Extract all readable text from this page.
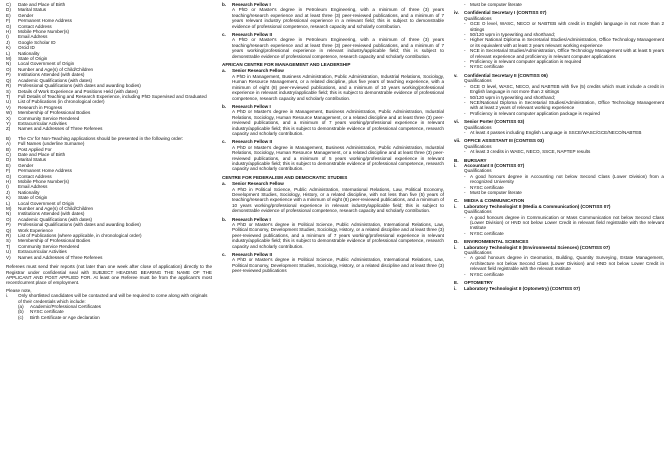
C)	Date and Place of Birth
D)	Marital Status
E)	Gender
F)	Permanent Home Address
G)	Contact Address
H)	Mobile Phone Number(s)
I)	Email Address
J)	Google Scholar ID
K)	Orcid ID
L)	Nationality
M)	State of Origin
N)	Local Government of Origin
O)	Number and Age(s) of Child/Children
P)	Institutions Attended (with dates)
Q)	Academic Qualifications (with dates)
R)	Professional Qualifications (with dates and awarding bodies)
S)	Details of Work Experience and Positions Held (with dates)
T)	Full Details of Teaching and Research Experience, including PhD Supervised and Graduated
U)	List of Publications (in chronological order)
V)	Research in Progress
W)	Membership of Professional Bodies
X)	Community Service Rendered
Y)	Extracurricular Activities
Z)	Names and Addresses of Three Referees
B)	The CV for Non-Teaching applications should be presented in the following order:
A)	Full Names (underline Surname)
B)	Post Applied For
C)	Date and Place of Birth
D)	Marital Status
E)	Gender
F)	Permanent Home Address
G)	Contact Address
H)	Mobile Phone Number(s)
I)	Email Address
J)	Nationality
K)	State of Origin
L)	Local Government of Origin
M)	Number and Age(s) of Child/Children
N)	Institutions Attended (with dates)
O)	Academic Qualifications (with dates)
P)	Professional Qualifications (with dates and awarding bodies)
Q)	Work Experience
R)	List of Publications (where applicable, in chronological order)
S)	Membership of Professional Bodies
T)	Community Service Rendered
U)	Extracurricular Activities
V)	Names and Addresses of Three Referees

Referees must send their reports (not later than one week after close of application) directly to the Registrar under confidential seal with SUBJECT HEADING BEARING THE NAME OF THE APPLICANT AND POST APPLIED FOR. At least one Referee must be from the applicant's most recent/current place of employment.

Please note,
i.	Only shortlisted candidates will be contacted and will be required to come along with originals of their credentials which include:
(a)	Academic/Professional Certificates
(b)	NYSC certificate
(c)	Birth Certificate or Age declaration
b.	Research Fellow I
A PhD or Master's degree in Petroleum Engineering, with a minimum of three (3) years teaching/research experience and at least three (3) peer-reviewed publications, and a minimum of 7 years relevant industry professional experience in a relevant field; this is subject to demonstrable evidence of professional competence, research capacity and scholarly contribution.
c.	Research Fellow II
A PhD or Master's degree in Petroleum Engineering, with a minimum of three (3) years teaching/research experience and at least three (3) peer-reviewed publications, and a minimum of 7 years working/professional experience in relevant industry/applicable field; this is subject to demonstrable evidence of professional competence, research capacity and scholarly contribution.
AFRICAN CENTRE FOR MANAGEMENT AND LEADERSHIP
a.	Senior Research Fellow
A PhD in Management, Business Administration, Public Administration, Industrial Relations, Sociology, Human Resource Management, or a related discipline, plus five years of teaching experience, with a minimum of eight (8) peer-reviewed publications, and a minimum of 10 years working/professional experience in relevant industry/applicable field; this is subject to demonstrable evidence of professional competence, research capacity and scholarly contribution.
b.	Research Fellow I
A PhD or Master's degree in Management, Business Administration, Public Administration, Industrial Relations, Sociology, Human Resource Management, or a related discipline and at least three (3) peer-reviewed publications, and a minimum of 7 years working/professional experience in relevant industry/applicable field; this is subject to demonstrable evidence of professional competence, research capacity and scholarly contribution.
c.	Research Fellow II
A PhD or Master's degree in Management, Business Administration, Public Administration, Industrial Relations, Sociology, Human Resource Management, or a related discipline and at least three (3) peer-reviewed publications, and a minimum of 5 years working/professional experience in relevant industry/applicable field; this is subject to demonstrable evidence of professional competence, research capacity and scholarly contribution.
CENTRE FOR FEDERALISM AND DEMOCRATIC STUDIES
a.	Senior Research Fellow
A PhD in Political Science, Public Administration, International Relations, Law, Political Economy, Development Studies, Sociology, History, or a related discipline, with not less than five (5) years of teaching/research experience with a minimum of eight (8) peer-reviewed publications, and a minimum of 10 years working/professional experience in relevant industry/applicable field; this is subject to demonstrable evidence of professional competence, research capacity and scholarly contribution.
b.	Research Fellow I
A PhD or Master's degree in Political Science, Public Administration, International Relations, Law, Political Economy, Development Studies, Sociology, History, or a related discipline and at least three (3) peer-reviewed publications, and a minimum of 7 years working/professional experience in relevant industry/applicable field; this is subject to demonstrable evidence of professional competence, research capacity and scholarly contribution.
c.	Research Fellow II
A PhD or Master's degree in Political Science, Public Administration, International Relations, Law, Political Economy, Development Studies, Sociology, History, or a related discipline and at least three (3) peer-reviewed publications
- Must be computer literate
iv.	Confidential Secretary I (CONTISS 07)
Qualifications
- GCE O level, WASC, NECO or NABTEB with credit in English language in not more than 2 sittings
- 50/120 wpm in typewriting and shorthand;
- Higher National Diploma in Secretarial Studies/Administration, Office Technology Management or its equivalent with at least 3 years relevant working experience
- NCE in Secretarial Studies/Administration, Office Technology Management with at least 5 years of relevant experience and proficiency in relevant computer applications
- Proficiency in relevant computer application is required
- NYSC certificate
v.	Confidential Secretary II (CONTISS 06)
Qualifications
- GCE O level, WASC, NECO, and NABTEB with five (5) credits which must include a credit in English language in not more than 2 sittings
- 50/120 wpm in typewriting and shorthand;
- NCE/National Diploma in Secretarial Studies/Administration, Office Technology Management with at least 2 years of relevant working experience
- Proficiency in relevant computer application package is required
vi.	Senior Porter (CONTISS 03)
Qualifications
- At least 4 passes including English Language in SSCE/WASC/GCE/NECO/NABTEB
vii. OFFICE ASSISTANT III (CONTISS 03)
Qualifications
- At least 3 credits in WAEC, NECO, SSCE, NAPTEP results
B.	BURSARY
i.	Accountant II (CONTISS 07)
Qualifications
- A good honours degree in Accounting not below Second Class (Lower Division) from a recognized University
- NYSC certificate
- Must be computer literate
C.	MEDIA & COMMUNICATION
i.	Laboratory Technologist II (Media & Communication) (CONTISS 07)
Qualifications
- A good honours degree in Communication or Mass Communication not below Second Class (Lower Division) or HND not below Lower Credit in relevant field registrable with the relevant Institute
- NYSC certificate
D.	ENVIRONMENTAL SCIENCES
i.	Laboratory Technologist II (Environmental Sciences) (CONTISS 07)
Qualifications
- A good honours degree in Geomatics, Building, Quantity Surveying, Estate Management, Architecture not below Second Class (Lower Division) and HND not below Lower Credit in relevant field registrable with the relevant Institute
- NYSC certificate
E.	OPTOMETRY
i.	Laboratory Technologist II (Optometry) (CONTISS 07)
